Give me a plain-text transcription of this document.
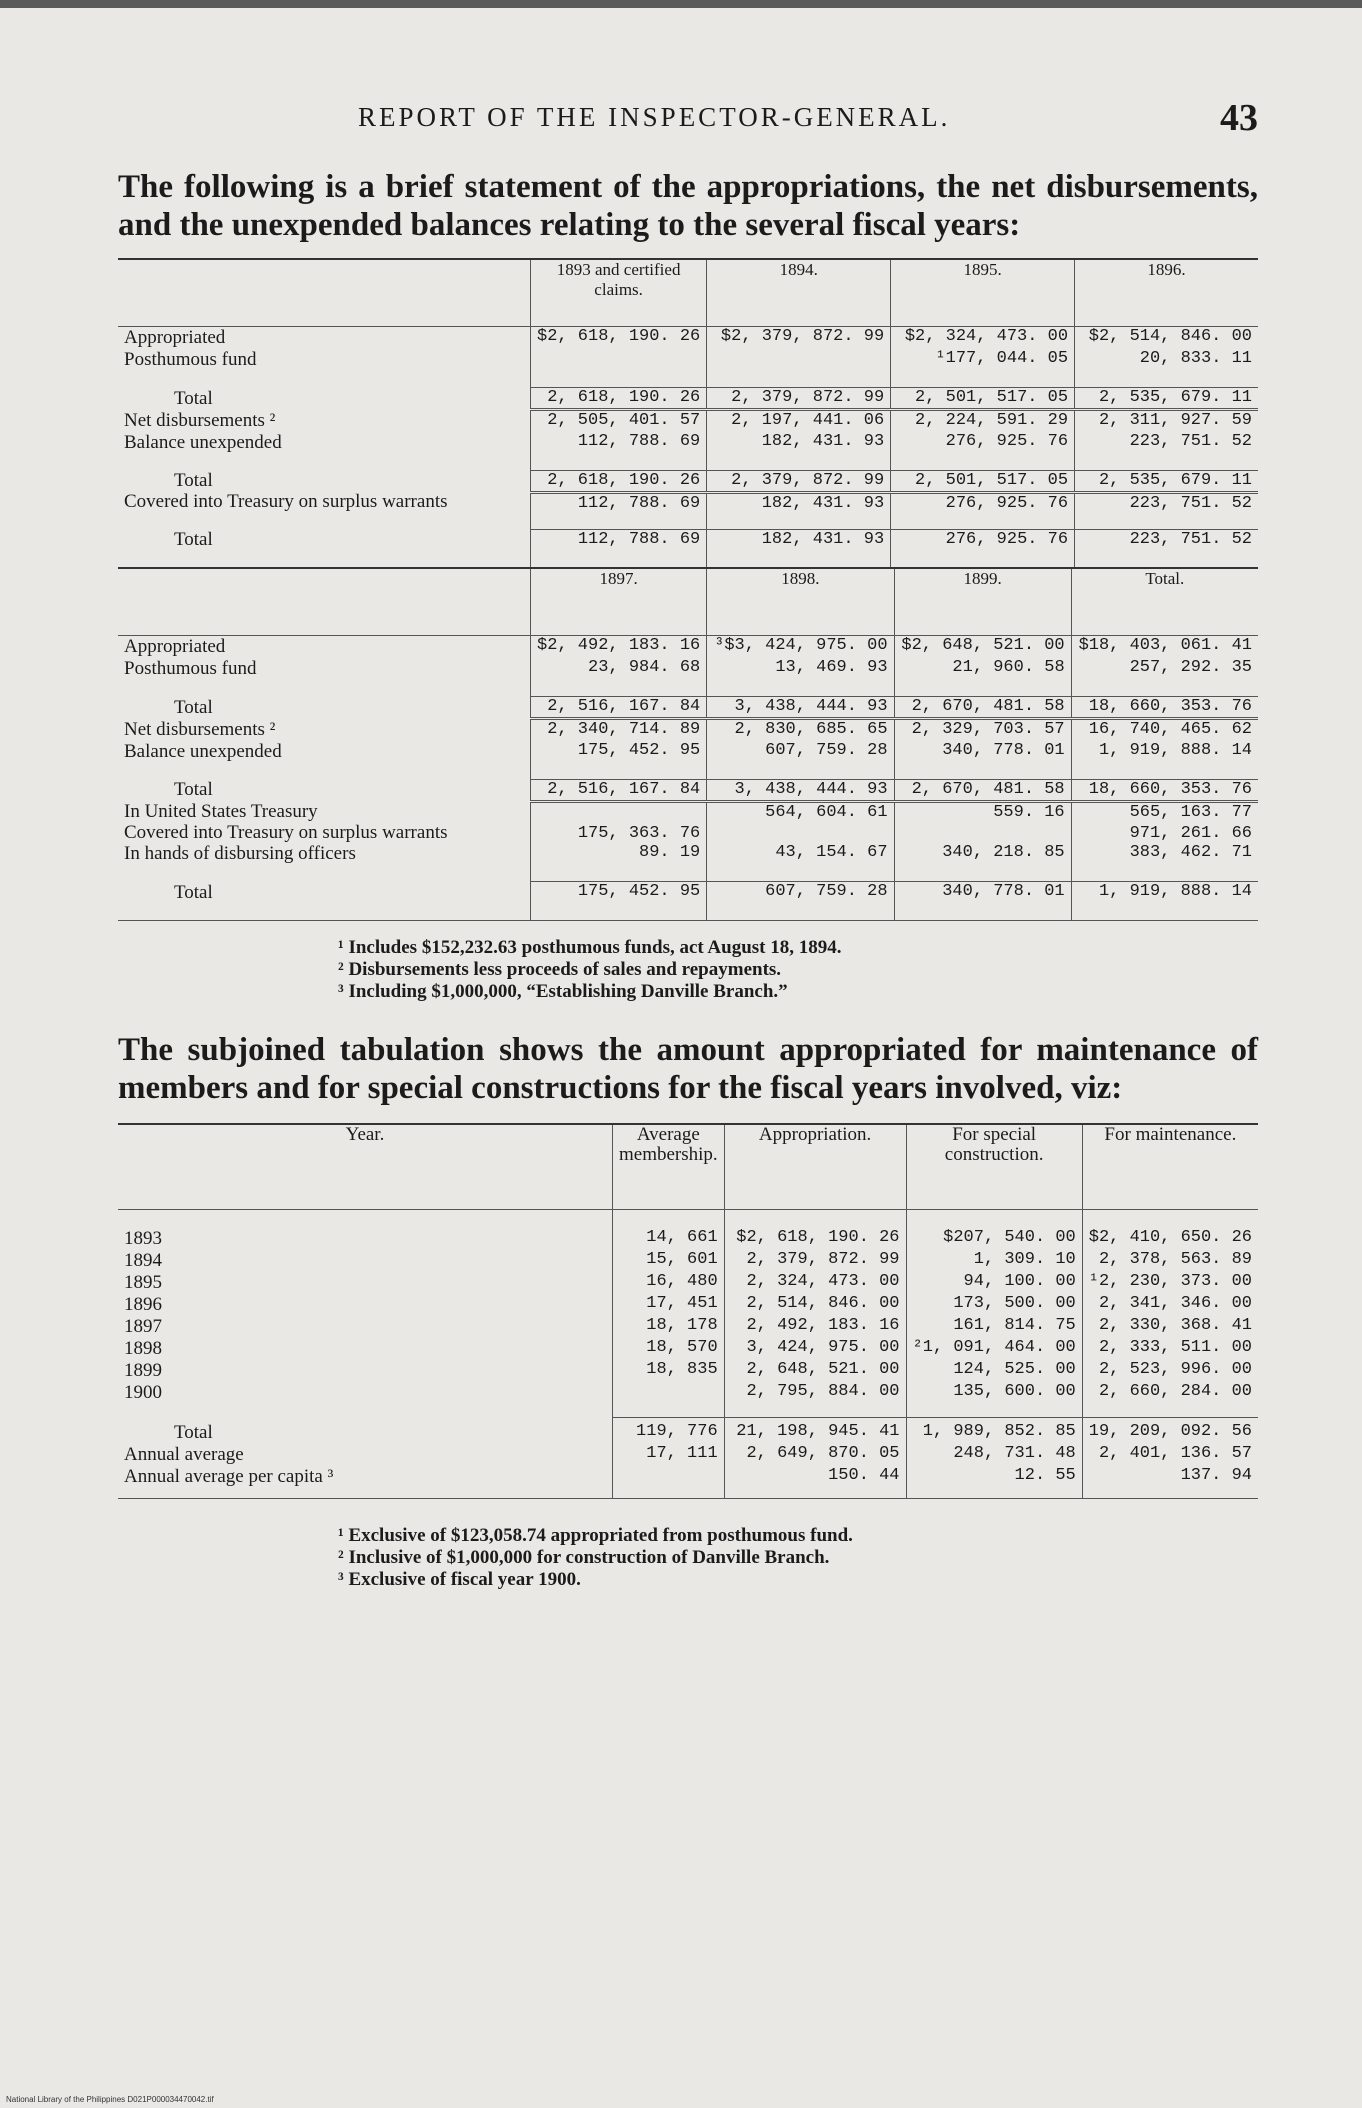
REPORT OF THE INSPECTOR-GENERAL.	43

The following is a brief statement of the appropriations, the net disbursements, and the unexpended balances relating to the several fiscal years:

	1893 and certified claims.	1894.	1895.	1896.
Appropriated	$2, 618, 190. 26	$2, 379, 872. 99	$2, 324, 473. 00	$2, 514, 846. 00
Posthumous fund			¹177, 044. 05	20, 833. 11

Total	2, 618, 190. 26	2, 379, 872. 99	2, 501, 517. 05	2, 535, 679. 11
Net disbursements ²	2, 505, 401. 57	2, 197, 441. 06	2, 224, 591. 29	2, 311, 927. 59
Balance unexpended	112, 788. 69	182, 431. 93	276, 925. 76	223, 751. 52

Total	2, 618, 190. 26	2, 379, 872. 99	2, 501, 517. 05	2, 535, 679. 11
Covered into Treasury on surplus warrants	112, 788. 69	182, 431. 93	276, 925. 76	223, 751. 52

Total	112, 788. 69	182, 431. 93	276, 925. 76	223, 751. 52

	1897.	1898.	1899.	Total.
Appropriated	$2, 492, 183. 16	³$3, 424, 975. 00	$2, 648, 521. 00	$18, 403, 061. 41
Posthumous fund	23, 984. 68	13, 469. 93	21, 960. 58	257, 292. 35

Total	2, 516, 167. 84	3, 438, 444. 93	2, 670, 481. 58	18, 660, 353. 76
Net disbursements ²	2, 340, 714. 89	2, 830, 685. 65	2, 329, 703. 57	16, 740, 465. 62
Balance unexpended	175, 452. 95	607, 759. 28	340, 778. 01	1, 919, 888. 14

Total	2, 516, 167. 84	3, 438, 444. 93	2, 670, 481. 58	18, 660, 353. 76
In United States Treasury		564, 604. 61	559. 16	565, 163. 77
Covered into Treasury on surplus warrants	175, 363. 76			971, 261. 66
In hands of disbursing officers	89. 19	43, 154. 67	340, 218. 85	383, 462. 71

Total	175, 452. 95	607, 759. 28	340, 778. 01	1, 919, 888. 14

¹ Includes $152,232.63 posthumous funds, act August 18, 1894.
² Disbursements less proceeds of sales and repayments.
³ Including $1,000,000, “Establishing Danville Branch.”

The subjoined tabulation shows the amount appropriated for maintenance of members and for special constructions for the fiscal years involved, viz:

Year.	Average membership.	Appropriation.	For special construction.	For maintenance.
1893	14, 661	$2, 618, 190. 26	$207, 540. 00	$2, 410, 650. 26
1894	15, 601	2, 379, 872. 99	1, 309. 10	2, 378, 563. 89
1895	16, 480	2, 324, 473. 00	94, 100. 00	¹2, 230, 373. 00
1896	17, 451	2, 514, 846. 00	173, 500. 00	2, 341, 346. 00
1897	18, 178	2, 492, 183. 16	161, 814. 75	2, 330, 368. 41
1898	18, 570	3, 424, 975. 00	²1, 091, 464. 00	2, 333, 511. 00
1899	18, 835	2, 648, 521. 00	124, 525. 00	2, 523, 996. 00
1900		2, 795, 884. 00	135, 600. 00	2, 660, 284. 00

Total	119, 776	21, 198, 945. 41	1, 989, 852. 85	19, 209, 092. 56
Annual average	17, 111	2, 649, 870. 05	248, 731. 48	2, 401, 136. 57
Annual average per capita ³		150. 44	12. 55	137. 94

¹ Exclusive of $123,058.74 appropriated from posthumous fund.
² Inclusive of $1,000,000 for construction of Danville Branch.
³ Exclusive of fiscal year 1900.
National Library of the Philippines D021P000034470042.tif
